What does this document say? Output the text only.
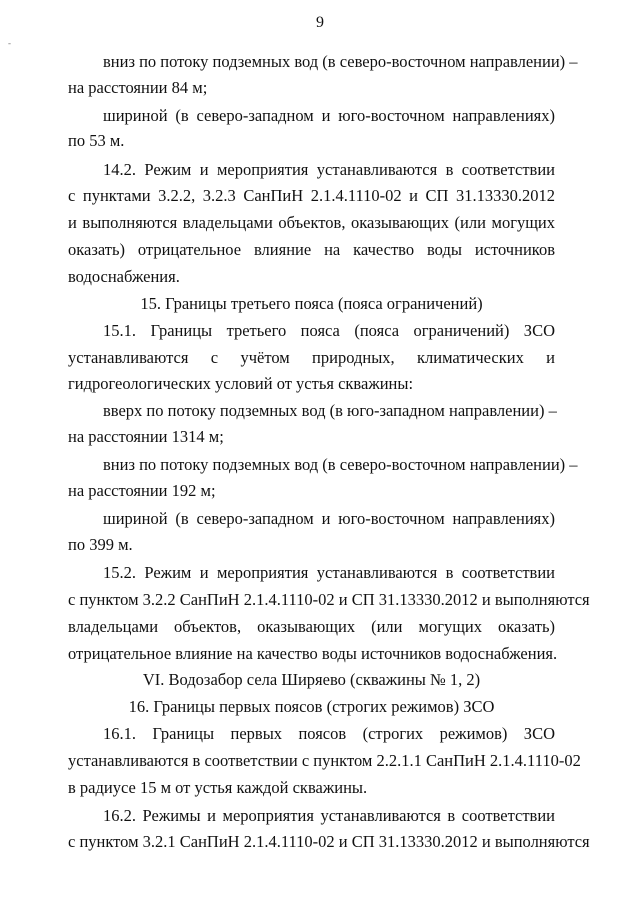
-
9
вниз по потоку подземных вод (в северо-восточном направлении) –
на расстоянии 84 м;
шириной (в северо-западном и юго-восточном направлениях)
по 53 м.
14.2. Режим и мероприятия устанавливаются в соответствии
с пунктами 3.2.2, 3.2.3 СанПиН 2.1.4.1110-02 и СП 31.13330.2012
и выполняются владельцами объектов, оказывающих (или могущих
оказать) отрицательное влияние на качество воды источников
водоснабжения.
15. Границы третьего пояса (пояса ограничений)
15.1. Границы третьего пояса (пояса ограничений) ЗСО
устанавливаются с учётом природных, климатических и
гидрогеологических условий от устья скважины:
вверх по потоку подземных вод (в юго-западном направлении) –
на расстоянии 1314 м;
вниз по потоку подземных вод (в северо-восточном направлении) –
на расстоянии 192 м;
шириной (в северо-западном и юго-восточном направлениях)
по 399 м.
15.2. Режим и мероприятия устанавливаются в соответствии
с пунктом 3.2.2 СанПиН 2.1.4.1110-02 и СП 31.13330.2012 и выполняются
владельцами объектов, оказывающих (или могущих оказать)
отрицательное влияние на качество воды источников водоснабжения.
VI. Водозабор села Ширяево (скважины № 1, 2)
16. Границы первых поясов (строгих режимов) ЗСО
16.1. Границы первых поясов (строгих режимов) ЗСО
устанавливаются в соответствии с пунктом 2.2.1.1 СанПиН 2.1.4.1110-02
в радиусе 15 м от устья каждой скважины.
16.2. Режимы и мероприятия устанавливаются в соответствии
с пунктом 3.2.1 СанПиН 2.1.4.1110-02 и СП 31.13330.2012 и выполняются
